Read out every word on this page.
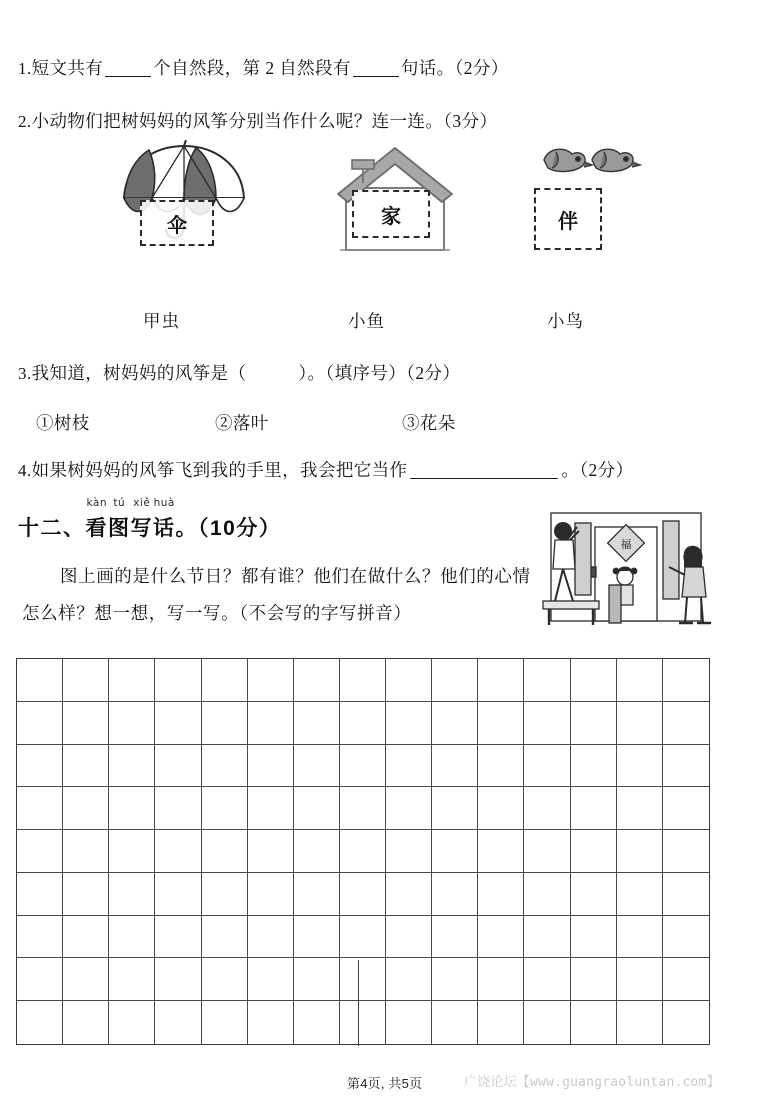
1.短文共有	个自然段，第 2 自然段有	句话。（2分）
2.小动物们把树妈妈的风筝分别当作什么呢？连一连。（3分）
伞	家	伴
甲虫	小鱼	小鸟
3.我知道，树妈妈的风筝是（	）。（填序号）（2分）
①树枝	②落叶	③花朵
4.如果树妈妈的风筝飞到我的手里，我会把它当作	。（2分）
十二、
kàn
看
tú
图
xiě
写
huà
话。（10分）
图上画的是什么节日？都有谁？他们在做什么？他们的心情怎么样？想一想，写一写。（不会写的字写拼音）
福
第4页, 共5页	广饶论坛【www.guangraoluntan.com】
